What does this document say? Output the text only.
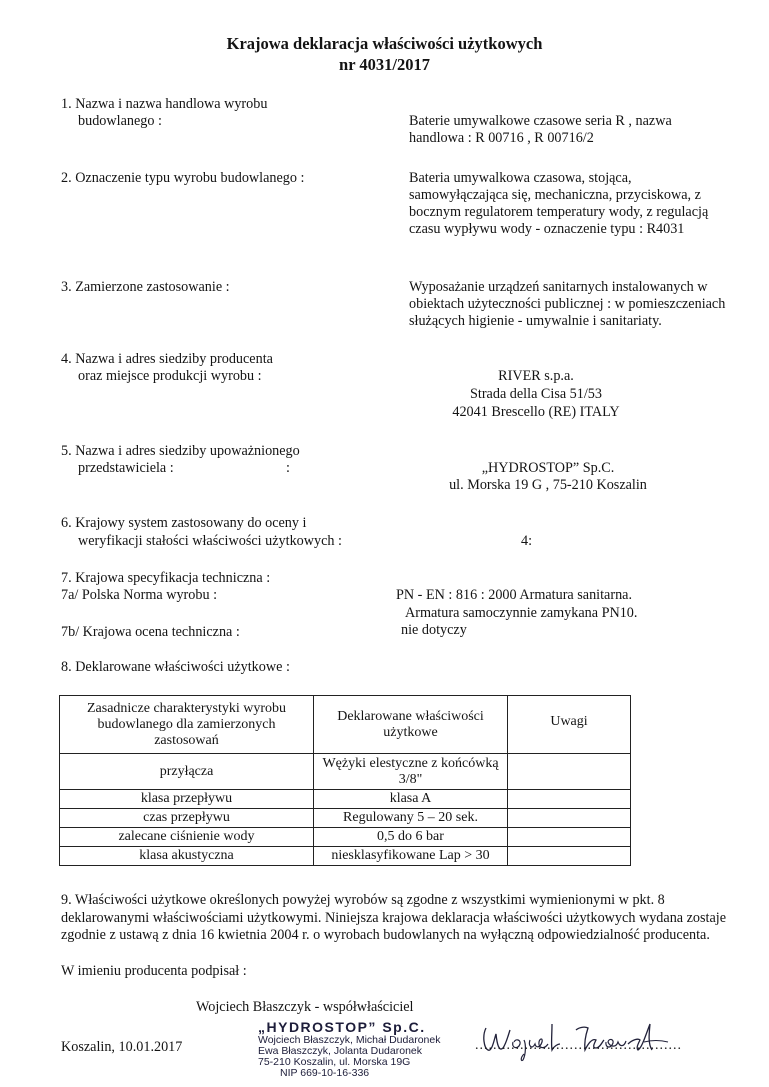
Krajowa deklaracja właściwości użytkowych
nr 4031/2017
1. Nazwa i nazwa handlowa wyrobu
budowlanego :	Baterie umywalkowe czasowe seria R , nazwa handlowa : R 00716 , R 00716/2
2. Oznaczenie typu wyrobu budowlanego :	Bateria umywalkowa czasowa, stojąca, samowyłączająca się, mechaniczna, przyciskowa, z bocznym regulatorem temperatury wody, z regulacją czasu wypływu wody - oznaczenie typu : R4031
3. Zamierzone zastosowanie :	Wyposażanie urządzeń sanitarnych instalowanych w obiektach użyteczności publicznej : w pomieszczeniach służących higienie - umywalnie i sanitariaty.
4. Nazwa i adres siedziby producenta
oraz miejsce produkcji wyrobu :	RIVER s.p.a.
Strada della Cisa 51/53
42041 Brescello (RE) ITALY
5. Nazwa i adres siedziby upoważnionego
przedstawiciela :	:	„HYDROSTOP” Sp.C.
ul. Morska 19 G , 75-210 Koszalin
6. Krajowy system zastosowany do oceny i
weryfikacji stałości właściwości użytkowych :	4:
7. Krajowa specyfikacja techniczna :
7a/ Polska Norma wyrobu :	PN - EN : 816 : 2000 Armatura sanitarna.
Armatura samoczynnie zamykana PN10.
7b/ Krajowa ocena techniczna :	nie dotyczy
8. Deklarowane właściwości użytkowe :
Zasadnicze charakterystyki wyrobu budowlanego dla zamierzonych zastosowań	Deklarowane właściwości użytkowe	Uwagi
przyłącza	Wężyki elestyczne z końcówką 3/8"	
klasa przepływu	klasa A	
czas przepływu	Regulowany 5 – 20 sek.	
zalecane ciśnienie wody	0,5 do 6 bar	
klasa akustyczna	niesklasyfikowane Lap > 30	
9. Właściwości użytkowe określonych powyżej wyrobów są zgodne z wszystkimi wymienionymi w pkt. 8 deklarowanymi właściwościami użytkowymi. Niniejsza krajowa deklaracja właściwości użytkowych wydana zostaje zgodnie z ustawą z dnia 16 kwietnia 2004 r. o wyrobach budowlanych na wyłączną odpowiedzialność producenta.
W imieniu producenta podpisał :
Wojciech Błaszczyk - współwłaściciel
Koszalin, 10.01.2017
„HYDROSTOP” Sp.C.
Wojciech Błaszczyk, Michał Dudaronek
Ewa Błaszczyk, Jolanta Dudaronek
75-210 Koszalin, ul. Morska 19G
NIP 669-10-16-336
..............................................
